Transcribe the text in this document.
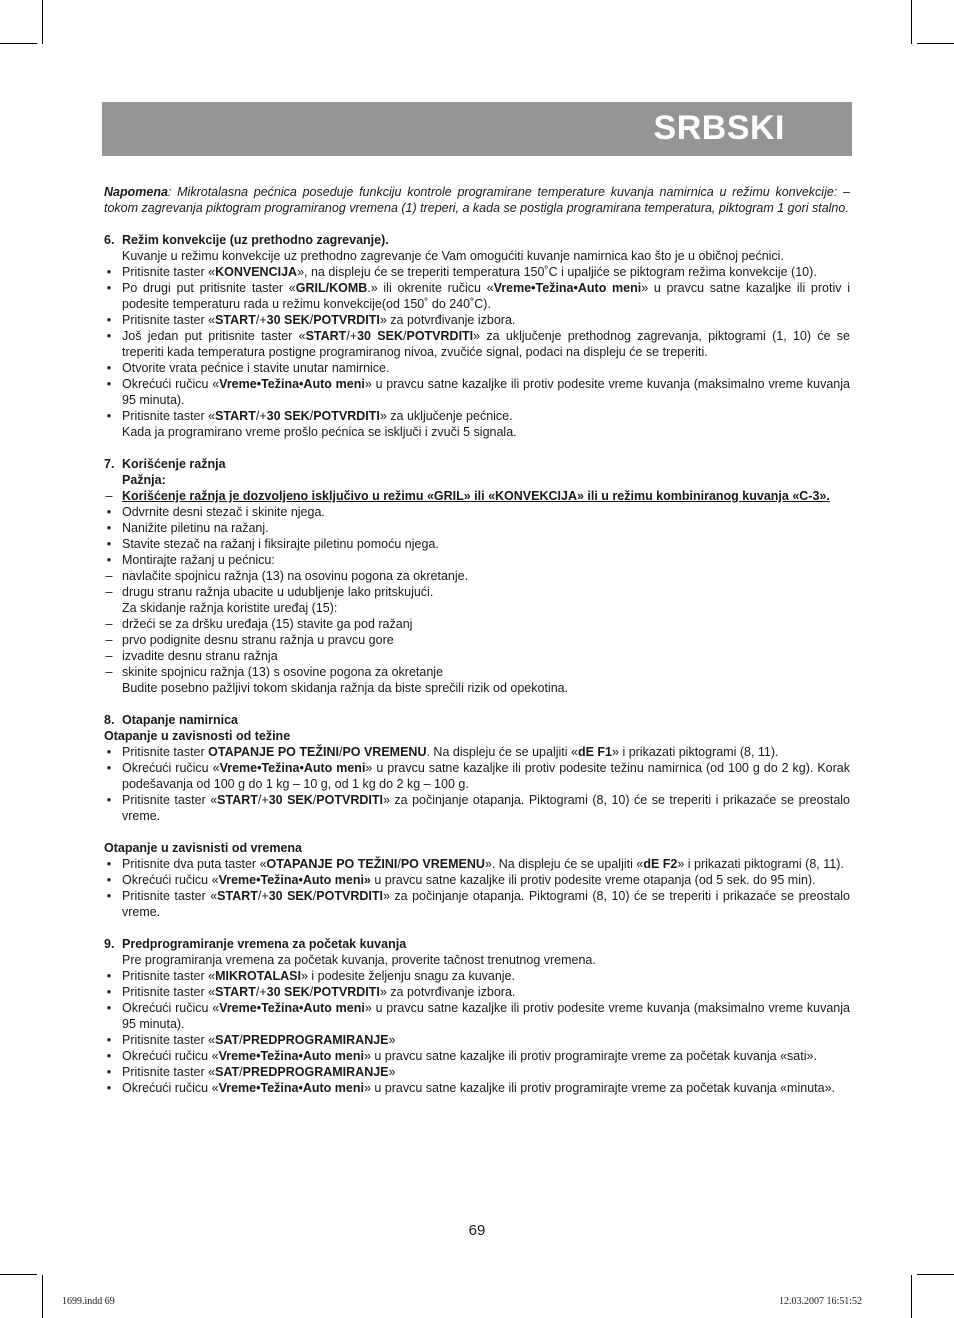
SRBSKI

Napomena: Mikrotalasna pećnica poseduje funkciju kontrole programirane temperature kuvanja namirnica u režimu konvekcije: – tokom zagrevanja piktogram programiranog vremena (1) treperi, a kada se postigla programirana temperatura, piktogram 1 gori stalno.

6. Režim konvekcije (uz prethodno zagrevanje).

Kuvanje u režimu konvekcije uz prethodno zagrevanje će Vam omogućiti kuvanje namirnica kao što je u običnoj pećnici.

• Pritisnite taster «KONVENCIJA», na displeju će se treperiti temperatura 150˚C i upaljiće se piktogram režima konvekcije (10).

• Po drugi put pritisnite taster «GRIL/KOMB.» ili okrenite ručicu «Vreme•Težina•Auto meni» u pravcu satne kazaljke ili protiv i podesite temperaturu rada u režimu konvekcije(od 150˚ do 240˚C).

• Pritisnite taster «START/+30 SEK/POTVRDITI» za potvrđivanje izbora.

• Još jedan put pritisnite taster «START/+30 SEK/POTVRDITI» za uključenje prethodnog zagrevanja, piktogrami (1, 10) će se treperiti kada temperatura postigne programiranog nivoa, zvučiće signal, podaci na displeju će se treperiti.

• Otvorite vrata pećnice i stavite unutar namirnice.

• Okrećući ručicu «Vreme•Težina•Auto meni» u pravcu satne kazaljke ili protiv podesite vreme kuvanja (maksimalno vreme kuvanja 95 minuta).

• Pritisnite taster «START/+30 SEK/POTVRDITI» za uključenje pećnice.

Kada ja programirano vreme prošlo pećnica se isključi i zvuči 5 signala.

7. Korišćenje ražnja

Pažnja:

– Korišćenje ražnja je dozvoljeno isključivo u režimu «GRIL» ili «KONVEKCIJA» ili u režimu kombiniranog kuvanja «C-3».

• Odvrnite desni stezač i skinite njega.

• Nanižite piletinu na ražanj.

• Stavite stezač na ražanj i fiksirajte piletinu pomoću njega.

• Montirajte ražanj u pećnicu:

– navlačite spojnicu ražnja (13) na osovinu pogona za okretanje.

– drugu stranu ražnja ubacite u udubljenje lako pritskujući.

Za skidanje ražnja koristite uređaj (15):

– držeći se za dršku uređaja (15) stavite ga pod ražanj

– prvo podignite desnu stranu ražnja u pravcu gore

– izvadite desnu stranu ražnja

– skinite spojnicu ražnja (13) s osovine pogona za okretanje

Budite posebno pažljivi tokom skidanja ražnja da biste sprečili rizik od opekotina.

8. Otapanje namirnica

Otapanje u zavisnosti od težine

• Pritisnite taster OTAPANJE PO TEŽINI/PO VREMENU. Na displeju će se upaljiti «dE F1» i prikazati piktogrami (8, 11).

• Okrećući ručicu «Vreme•Težina•Auto meni» u pravcu satne kazaljke ili protiv podesite težinu namirnica (od 100 g do 2 kg). Korak podešavanja od 100 g do 1 kg – 10 g, od 1 kg do 2 kg – 100 g.

• Pritisnite taster «START/+30 SEK/POTVRDITI» za počinjanje otapanja. Piktogrami (8, 10) će se treperiti i prikazaće se preostalo vreme.

Otapanje u zavisnisti od vremena

• Pritisnite dva puta taster «OTAPANJE PO TEŽINI/PO VREMENU». Na displeju će se upaljiti «dE F2» i prikazati piktogrami (8, 11).

• Okrećući ručicu «Vreme•Težina•Auto meni» u pravcu satne kazaljke ili protiv podesite vreme otapanja (od 5 sek. do 95 min).

• Pritisnite taster «START/+30 SEK/POTVRDITI» za počinjanje otapanja. Piktogrami (8, 10) će se treperiti i prikazaće se preostalo vreme.

9. Predprogramiranje vremena za početak kuvanja

Pre programiranja vremena za početak kuvanja, proverite tačnost trenutnog vremena.

• Pritisnite taster «MIKROTALASI» i podesite željenju snagu za kuvanje.

• Pritisnite taster «START/+30 SEK/POTVRDITI» za potvrđivanje izbora.

• Okrećući ručicu «Vreme•Težina•Auto meni» u pravcu satne kazaljke ili protiv podesite vreme kuvanja (maksimalno vreme kuvanja 95 minuta).

• Pritisnite taster «SAT/PREDPROGRAMIRANJE»

• Okrećući ručicu «Vreme•Težina•Auto meni» u pravcu satne kazaljke ili protiv programirajte vreme za početak kuvanja «sati».

• Pritisnite taster «SAT/PREDPROGRAMIRANJE»

• Okrećući ručicu «Vreme•Težina•Auto meni» u pravcu satne kazaljke ili protiv programirajte vreme za početak kuvanja «minuta».

69
1699.indd 69	12.03.2007 16:51:52
